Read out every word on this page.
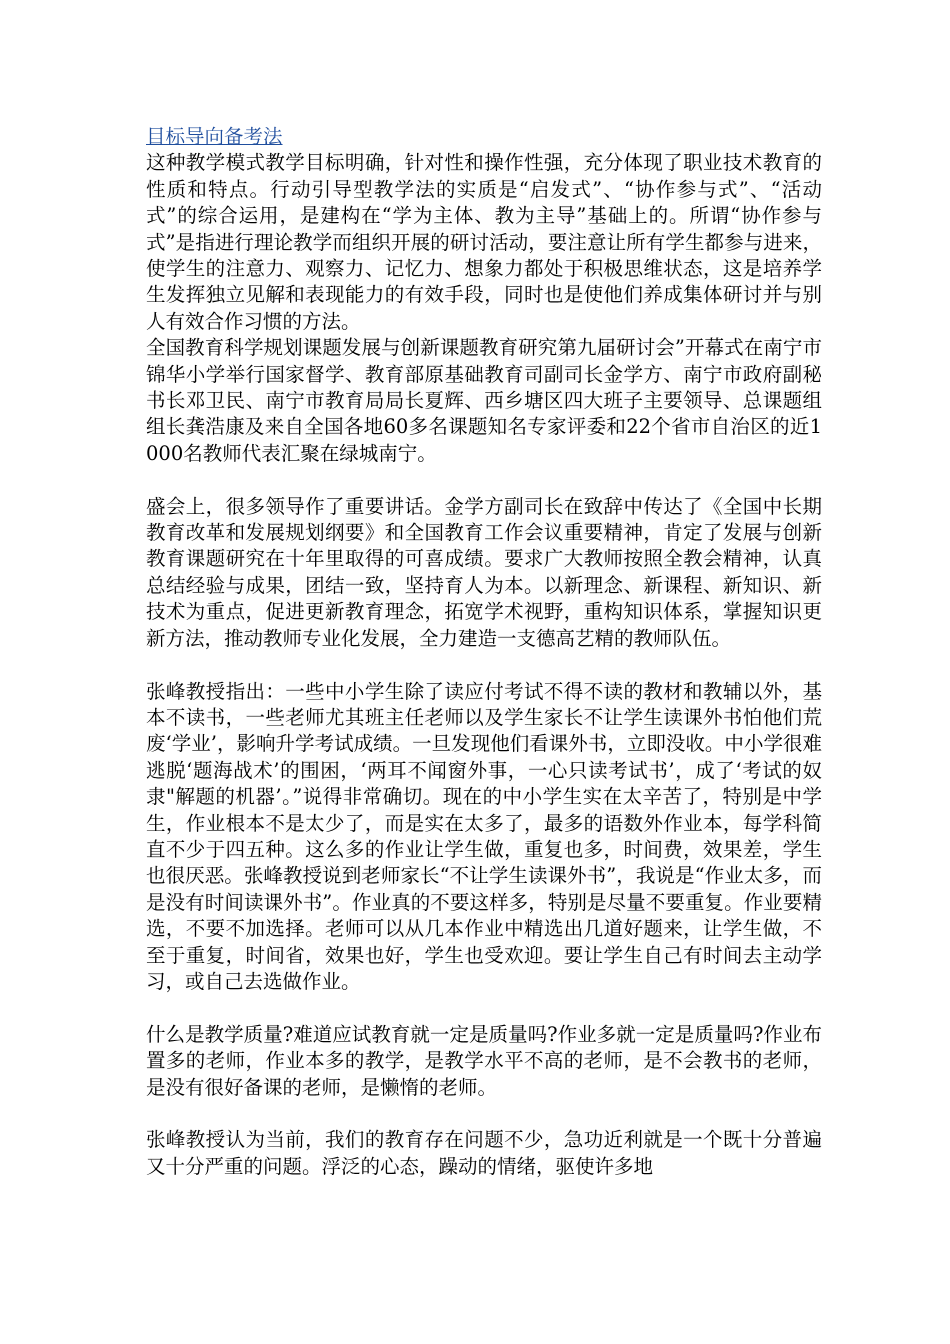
目标导向备考法

这种教学模式教学目标明确，针对性和操作性强，充分体现了职业技术教育的性质和特点。行动引导型教学法的实质是“启发式”、“协作参与式”、“活动式”的综合运用，是建构在“学为主体、教为主导”基础上的。所谓“协作参与式”是指进行理论教学而组织开展的研讨活动，要注意让所有学生都参与进来，使学生的注意力、观察力、记忆力、想象力都处于积极思维状态，这是培养学生发挥独立见解和表现能力的有效手段，同时也是使他们养成集体研讨并与别人有效合作习惯的方法。

全国教育科学规划课题发展与创新课题教育研究第九届研讨会”开幕式在南宁市锦华小学举行国家督学、教育部原基础教育司副司长金学方、南宁市政府副秘书长邓卫民、南宁市教育局局长夏辉、西乡塘区四大班子主要领导、总课题组组长龚浩康及来自全国各地60多名课题知名专家评委和22个省市自治区的近1000名教师代表汇聚在绿城南宁。

盛会上，很多领导作了重要讲话。金学方副司长在致辞中传达了《全国中长期教育改革和发展规划纲要》和全国教育工作会议重要精神，肯定了发展与创新教育课题研究在十年里取得的可喜成绩。要求广大教师按照全教会精神，认真总结经验与成果，团结一致，坚持育人为本。以新理念、新课程、新知识、新技术为重点，促进更新教育理念，拓宽学术视野，重构知识体系，掌握知识更新方法，推动教师专业化发展，全力建造一支德高艺精的教师队伍。

张峰教授指出：一些中小学生除了读应付考试不得不读的教材和教辅以外，基本不读书，一些老师尤其班主任老师以及学生家长不让学生读课外书怕他们荒废‘学业’，影响升学考试成绩。一旦发现他们看课外书，立即没收。中小学很难逃脱‘题海战术’的围困，‘两耳不闻窗外事，一心只读考试书’，成了‘考试的奴隶"解题的机器’。”说得非常确切。现在的中小学生实在太辛苦了，特别是中学生，作业根本不是太少了，而是实在太多了，最多的语数外作业本，每学科简直不少于四五种。这么多的作业让学生做，重复也多，时间费，效果差，学生也很厌恶。张峰教授说到老师家长“不让学生读课外书”，我说是“作业太多，而是没有时间读课外书”。作业真的不要这样多，特别是尽量不要重复。作业要精选，不要不加选择。老师可以从几本作业中精选出几道好题来，让学生做，不至于重复，时间省，效果也好，学生也受欢迎。要让学生自己有时间去主动学习，或自己去选做作业。

什么是教学质量?难道应试教育就一定是质量吗?作业多就一定是质量吗?作业布置多的老师，作业本多的教学，是教学水平不高的老师，是不会教书的老师，是没有很好备课的老师，是懒惰的老师。

张峰教授认为当前，我们的教育存在问题不少，急功近利就是一个既十分普遍又十分严重的问题。浮泛的心态，躁动的情绪，驱使许多地
